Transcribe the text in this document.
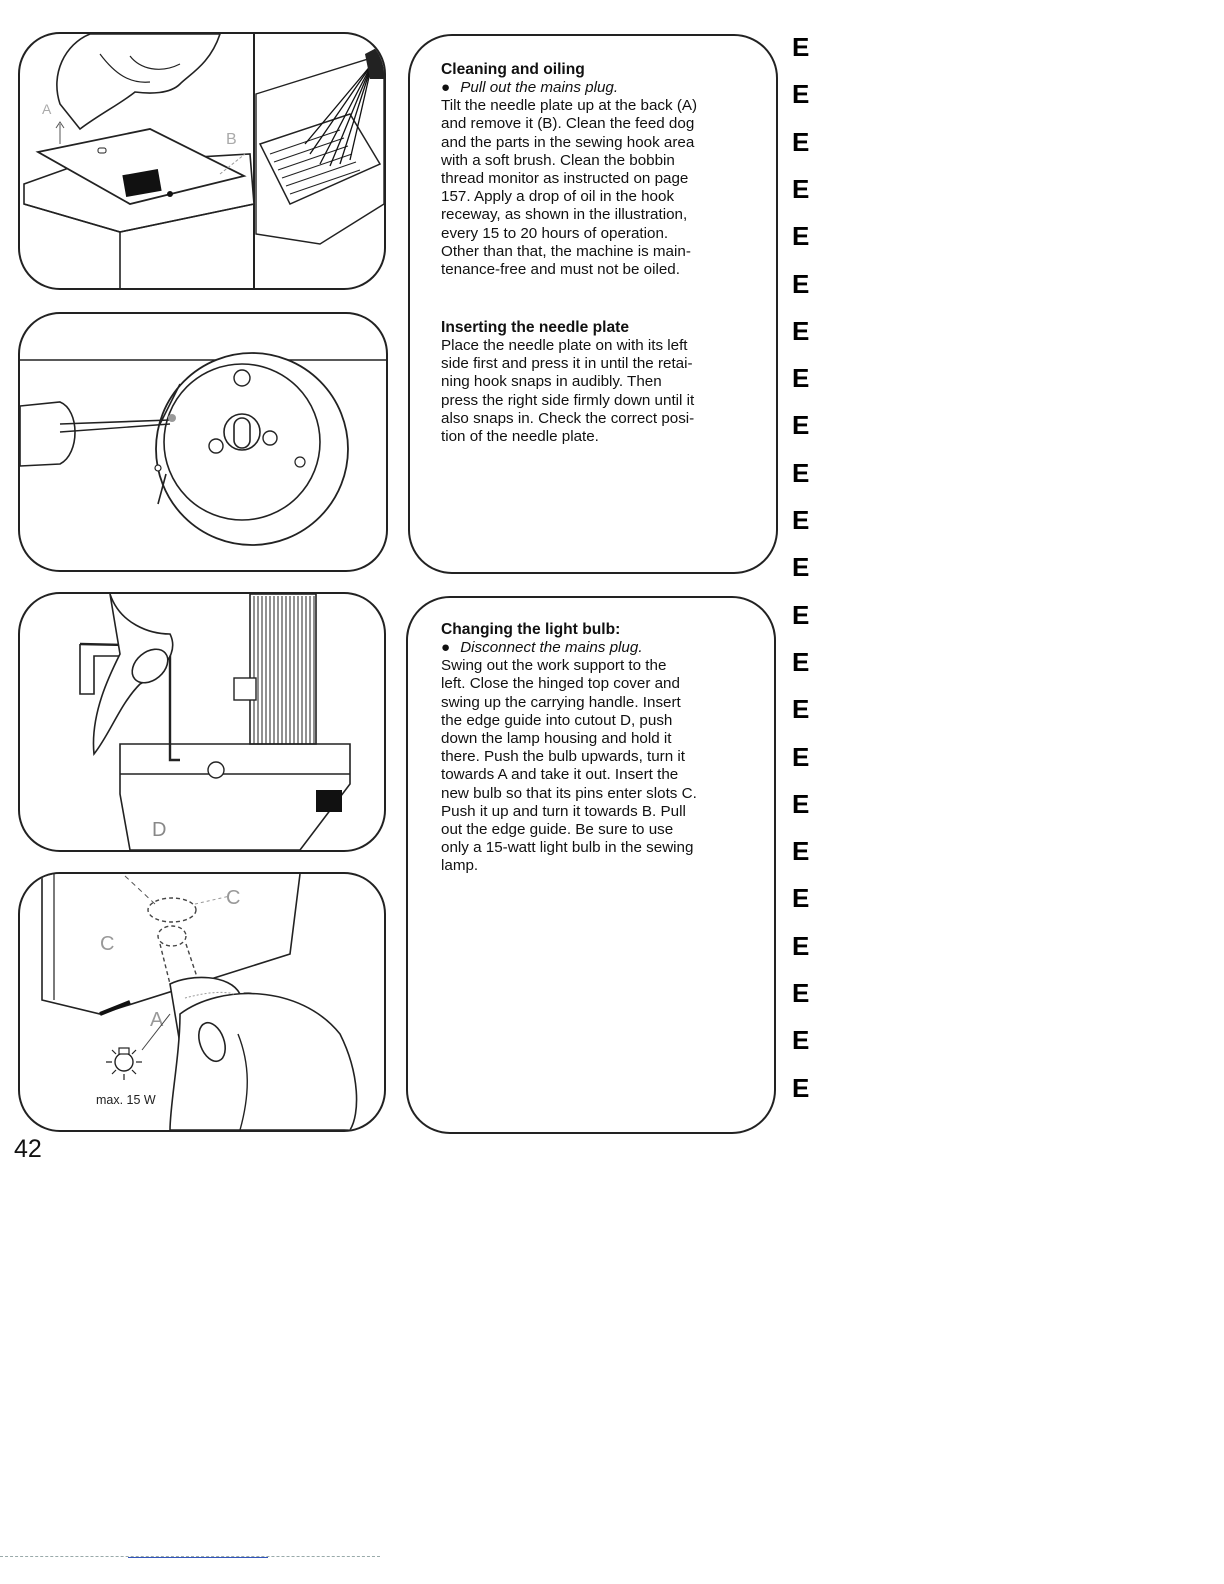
A
B
D
C
C
A
max. 15 W
Cleaning and oiling

● Pull out the mains plug.

Tilt the needle plate up at the back (A)

and remove it (B). Clean the feed dog

and the parts in the sewing hook area

with a soft brush. Clean the bobbin

thread monitor as instructed on page

157. Apply a drop of oil in the hook

receway, as shown in the illustration,

every 15 to 20 hours of operation.

Other than that, the machine is main-

tenance-free and must not be oiled.

Inserting the needle plate

Place the needle plate on with its left

side first and press it in until the retai-

ning hook snaps in audibly. Then

press the right side firmly down until it

also snaps in. Check the correct posi-

tion of the needle plate.

Changing the light bulb:

● Disconnect the mains plug.

Swing out the work support to the

left. Close the hinged top cover and

swing up the carrying handle. Insert

the edge guide into cutout D, push

down the lamp housing and hold it

there. Push the bulb upwards, turn it

towards A and take it out. Insert the

new bulb so that its pins enter slots C.

Push it up and turn it towards B. Pull

out the edge guide. Be sure to use

only a 15-watt light bulb in the sewing

lamp.

42
E
E
E
E
E
E
E
E
E
E
E
E
E
E
E
E
E
E
E
E
E
E
E
